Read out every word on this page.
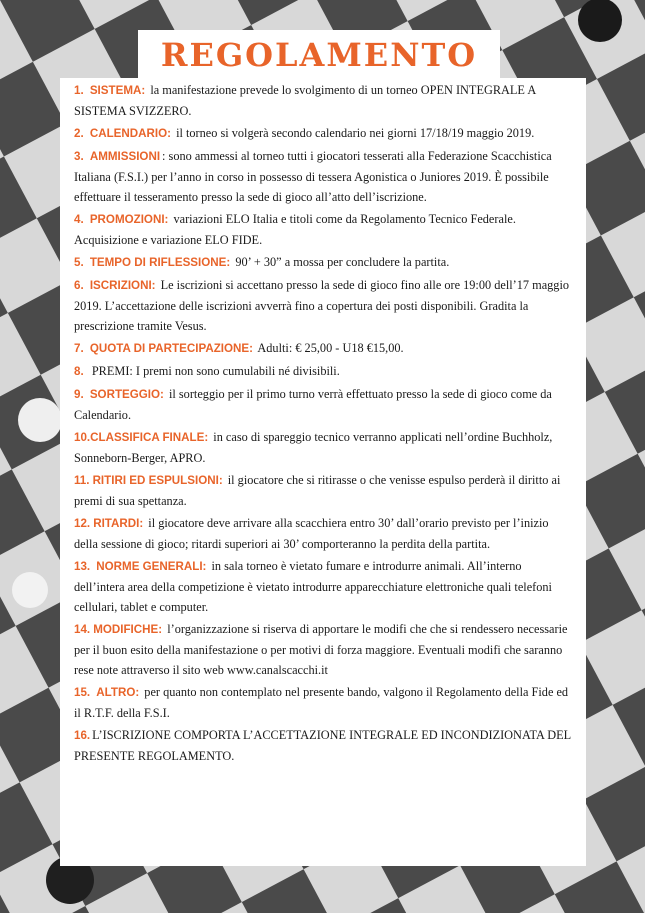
REGOLAMENTO
1. SISTEMA: la manifestazione prevede lo svolgimento di un torneo OPEN INTEGRALE A SISTEMA SVIZZERO.
2. CALENDARIO: il torneo si volgerà secondo calendario nei giorni 17/18/19 maggio 2019.
3. AMMISSIONI : sono ammessi al torneo tutti i giocatori tesserati alla Federazione Scacchistica Italiana (F.S.I.) per l’anno in corso in possesso di tessera Agonistica o Juniores 2019. È possibile effettuare il tesseramento presso la sede di gioco all’atto dell’iscrizione.
4. PROMOZIONI: variazioni ELO Italia e titoli come da Regolamento Tecnico Federale. Acquisizione e variazione ELO FIDE.
5. TEMPO DI RIFLESSIONE: 90’ + 30” a mossa per concludere la partita.
6. ISCRIZIONI: Le iscrizioni si accettano presso la sede di gioco fino alle ore 19:00 dell’17 maggio 2019. L’accettazione delle iscrizioni avverrà fino a copertura dei posti disponibili. Gradita la prescrizione tramite Vesus.
7. QUOTA DI PARTECIPAZIONE: Adulti: € 25,00 - U18 €15,00.
8. PREMI: I premi non sono cumulabili né divisibili.
9. SORTEGGIO: il sorteggio per il primo turno verrà effettuato presso la sede di gioco come da Calendario.
10.CLASSIFICA FINALE: in caso di spareggio tecnico verranno applicati nell’ordine Buchholz, Sonneborn-Berger, APRO.
11. RITIRI ED ESPULSIONI: il giocatore che si ritirasse o che venisse espulso perderà il diritto ai premi di sua spettanza.
12. RITARDI: il giocatore deve arrivare alla scacchiera entro 30’ dall’orario previsto per l’inizio della sessione di gioco; ritardi superiori ai 30’ comporteranno la perdita della partita.
13. NORME GENERALI: in sala torneo è vietato fumare e introdurre animali. All’interno dell’intera area della competizione è vietato introdurre apparecchiature elettroniche quali telefoni cellulari, tablet e computer.
14. MODIFICHE: l’organizzazione si riserva di apportare le modifi che che si rendessero necessarie per il buon esito della manifestazione o per motivi di forza maggiore. Eventuali modifi che saranno rese note attraverso il sito web www.canalscacchi.it
15. ALTRO: per quanto non contemplato nel presente bando, valgono il Regolamento della Fide ed il R.T.F. della F.S.I.
16. L’ISCRIZIONE COMPORTA L’ACCETTAZIONE INTEGRALE ED INCONDIZIONATA DEL PRESENTE REGOLAMENTO.
